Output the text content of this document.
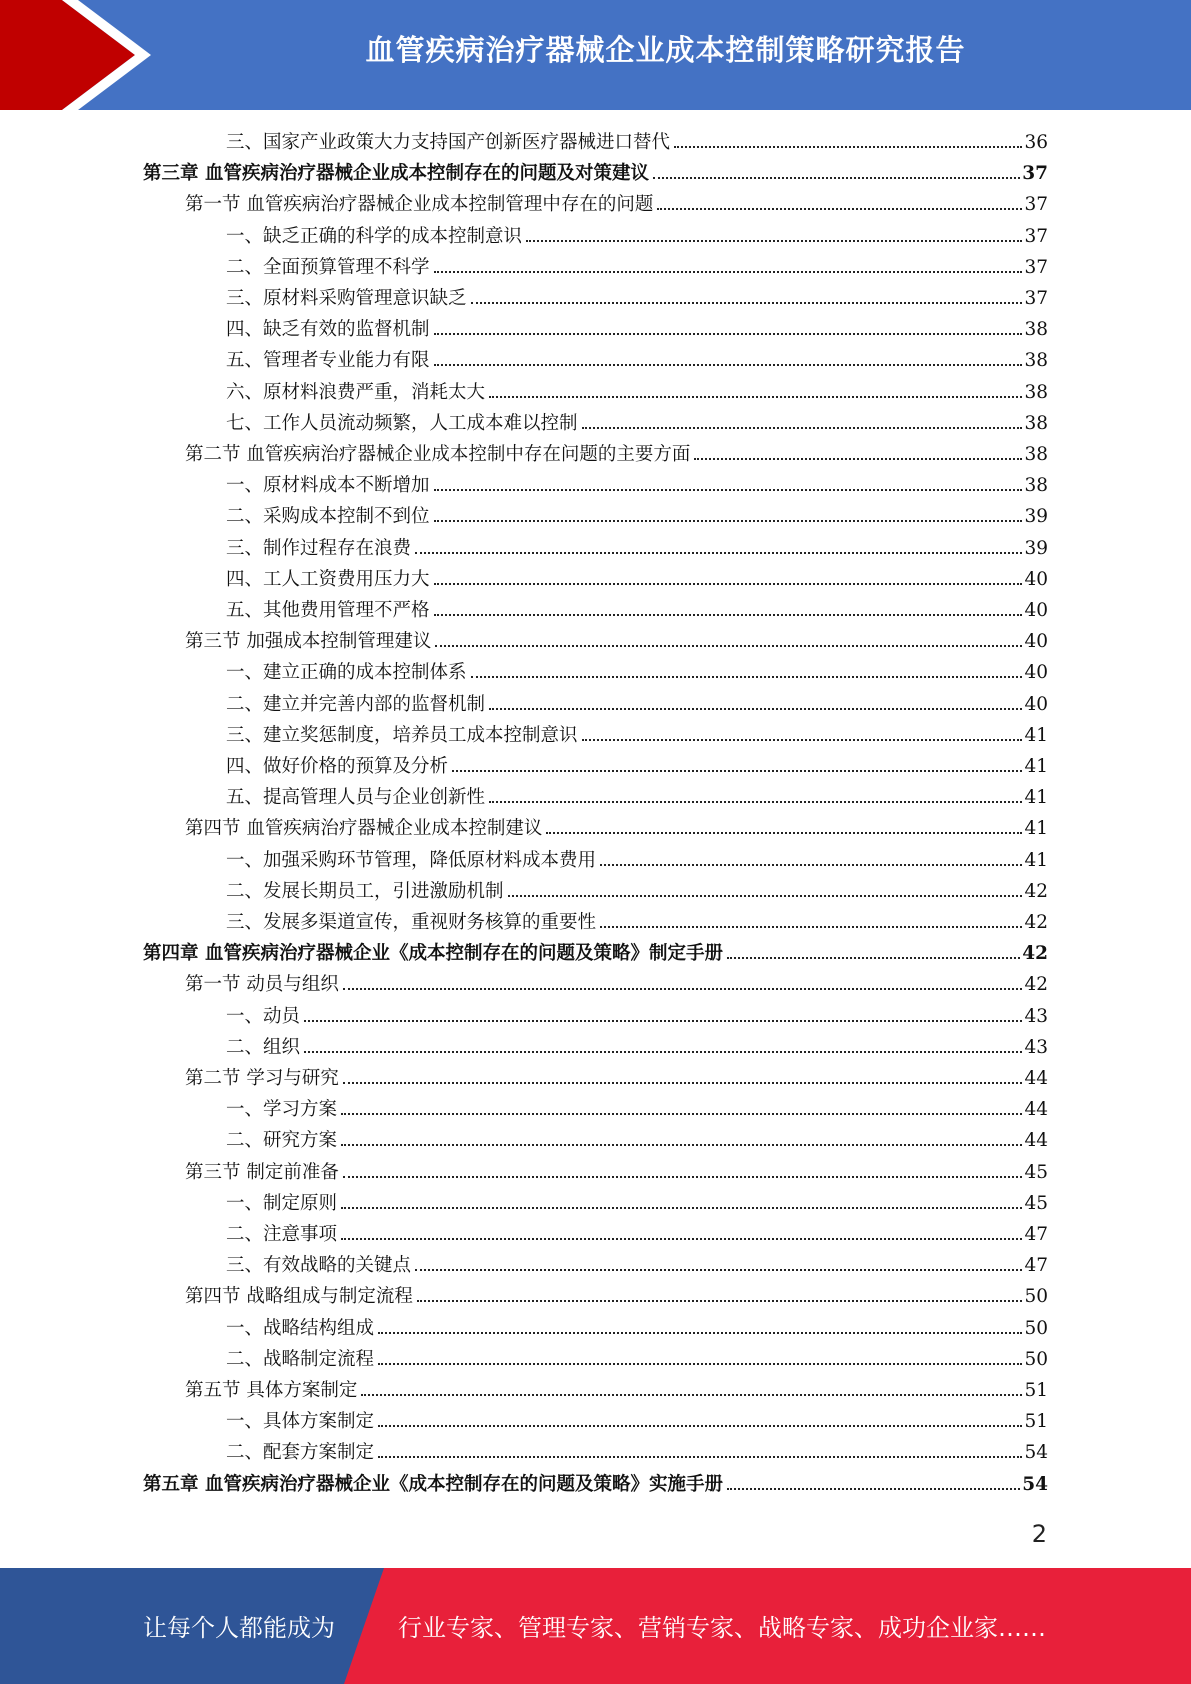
血管疾病治疗器械企业成本控制策略研究报告
三、国家产业政策大力支持国产创新医疗器械进口替代	36
第三章 血管疾病治疗器械企业成本控制存在的问题及对策建议	37
第一节 血管疾病治疗器械企业成本控制管理中存在的问题	37
一、缺乏正确的科学的成本控制意识	37
二、全面预算管理不科学	37
三、原材料采购管理意识缺乏	37
四、缺乏有效的监督机制	38
五、管理者专业能力有限	38
六、原材料浪费严重，消耗太大	38
七、工作人员流动频繁，人工成本难以控制	38
第二节 血管疾病治疗器械企业成本控制中存在问题的主要方面	38
一、原材料成本不断增加	38
二、采购成本控制不到位	39
三、制作过程存在浪费	39
四、工人工资费用压力大	40
五、其他费用管理不严格	40
第三节 加强成本控制管理建议	40
一、建立正确的成本控制体系	40
二、建立并完善内部的监督机制	40
三、建立奖惩制度，培养员工成本控制意识	41
四、做好价格的预算及分析	41
五、提高管理人员与企业创新性	41
第四节 血管疾病治疗器械企业成本控制建议	41
一、加强采购环节管理，降低原材料成本费用	41
二、发展长期员工，引进激励机制	42
三、发展多渠道宣传，重视财务核算的重要性	42
第四章 血管疾病治疗器械企业《成本控制存在的问题及策略》制定手册	42
第一节 动员与组织	42
一、动员	43
二、组织	43
第二节 学习与研究	44
一、学习方案	44
二、研究方案	44
第三节 制定前准备	45
一、制定原则	45
二、注意事项	47
三、有效战略的关键点	47
第四节 战略组成与制定流程	50
一、战略结构组成	50
二、战略制定流程	50
第五节 具体方案制定	51
一、具体方案制定	51
二、配套方案制定	54
第五章 血管疾病治疗器械企业《成本控制存在的问题及策略》实施手册	54
2
让每个人都能成为	行业专家、管理专家、营销专家、战略专家、成功企业家……
